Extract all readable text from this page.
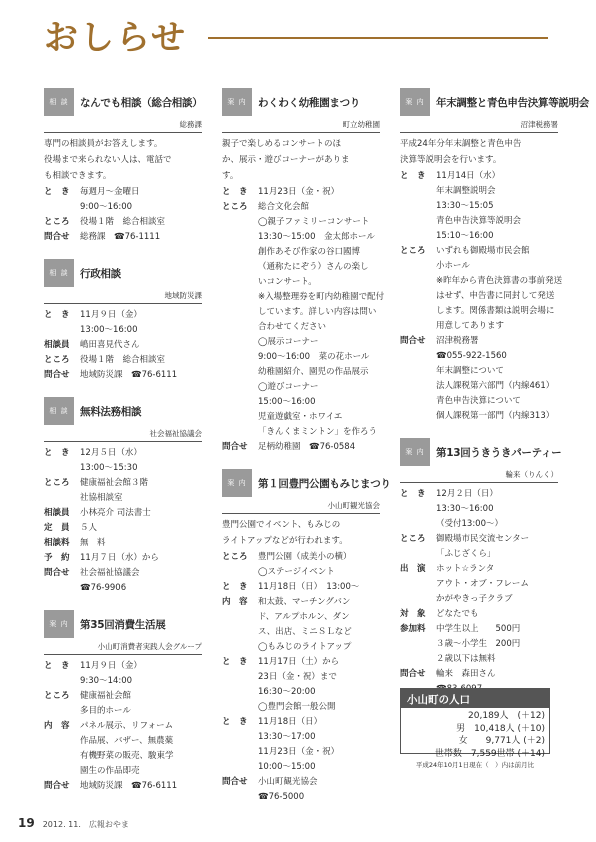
おしらせ
相 談	なんでも相談（総合相談）
総務課
専門の相談員がお答えします。
役場まで来られない人は、電話で
も相談できます。
と　き	毎週月～金曜日
9:00～16:00
ところ	役場１階　総合相談室
問合せ	総務課　☎76-1111
相 談	行政相談
地域防災課
と　き	11月９日（金）
13:00～16:00
相談員	嶋田喜見代さん
ところ	役場１階　総合相談室
問合せ	地域防災課　☎76-6111
相 談	無料法務相談
社会福祉協議会
と　き	12月５日（水）
13:00～15:30
ところ	健康福祉会館３階
社協相談室
相談員	小林亮介 司法書士
定　員	５人
相談料	無　料
予　約	11月７日（水）から
問合せ	社会福祉協議会
☎76-9906
案 内	第35回消費生活展
小山町消費者実践人会グループ
と　き	11月９日（金）
9:30～14:00
ところ	健康福祉会館
多目的ホール
内　容	パネル展示、リフォーム
作品展、バザー、無農薬
有機野菜の販売、駿東学
園生の作品即売
問合せ	地域防災課　☎76-6111
案 内	わくわく幼稚園まつり
町立幼稚園
親子で楽しめるコンサートのほ
か、展示・遊びコーナーがありま
す。
と　き	11月23日（金・祝）
ところ	総合文化会館
◯親子ファミリーコンサート
13:30～15:00　金太郎ホール
創作あそび作家の谷口國博
（通称たにぞう）さんの楽し
いコンサート。
※入場整理券を町内幼稚園で配付
しています。詳しい内容は問い
合わせてください
◯展示コーナー
9:00～16:00　菜の花ホール
幼稚園紹介、園児の作品展示
◯遊びコーナー
15:00～16:00
児童遊戯室・ホワイエ
「きんくまミントン」を作ろう
問合せ	足柄幼稚園　☎76-0584
案 内	第１回豊門公園もみじまつり
小山町観光協会
豊門公園でイベント、もみじの
ライトアップなどが行われます。
ところ	豊門公園（成美小の横）
◯ステージイベント
と　き	11月18日（日）　13:00～
内　容	和太鼓、マーチングバン
ド、アルプホルン、ダン
ス、出店、ミニＳＬなど
◯もみじのライトアップ
と　き	11月17日（土）から
23日（金・祝）まで
16:30～20:00
◯豊門会館一般公開
と　き	11月18日（日）
13:30～17:00
11月23日（金・祝）
10:00～15:00
問合せ	小山町観光協会
☎76-5000
案 内	年末調整と青色申告決算等説明会
沼津税務署
平成24年分年末調整と青色申告
決算等説明会を行います。
と　き	11月14日（水）
年末調整説明会
13:30～15:05
青色申告決算等説明会
15:10～16:00
ところ	いずれも御殿場市民会館
小ホール
※昨年から青色決算書の事前発送
はせず、申告書に同封して発送
します。関係書類は説明会場に
用意してあります
問合せ	沼津税務署
☎055-922-1560
年末調整について
法人課税第六部門（内線461）
青色申告決算について
個人課税第一部門（内線313）
案 内	第13回うきうきパーティー
輪来（りんく）
と　き	12月２日（日）
13:30～16:00
（受付13:00～）
ところ	御殿場市民交流センター
「ふじざくら」
出　演	ホット☆ランタ
アウト・オブ・フレーム
かがやきっ子クラブ
対　象	どなたでも
参加料	中学生以上　　500円
３歳～小学生　200円
２歳以下は無料
問合せ	輪来　森田さん
小山町の人口
20,189人　(＋12)
男　10,418人 (＋10)
女　　9,771人 (＋2)
世帯数　7,559世帯 (＋14)
平成24年10月1日現在（　）内は前月比
19 2012. 11. 広報おやま
